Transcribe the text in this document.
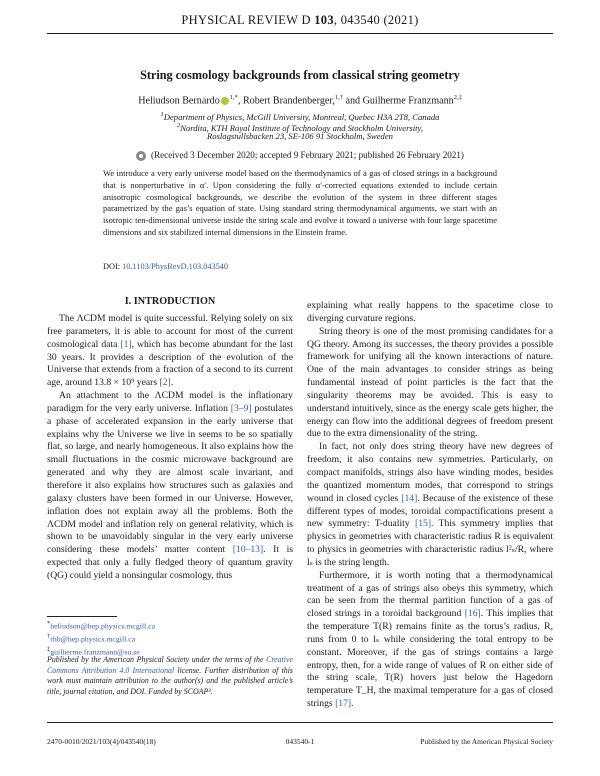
PHYSICAL REVIEW D 103, 043540 (2021)
String cosmology backgrounds from classical string geometry
Heliudson Bernardo $^{1,*}$, Robert Brandenberger,$^{1,\dagger}$ and Guilherme Franzmann$^{2,\ddagger}$
$^1$Department of Physics, McGill University, Montreal, Quebec H3A 2T8, Canada
$^2$Nordita, KTH Royal Institute of Technology and Stockholm University,
Roslagstullsbacken 23, SE-106 91 Stockholm, Sweden
(Received 3 December 2020; accepted 9 February 2021; published 26 February 2021)
We introduce a very early universe model based on the thermodynamics of a gas of closed strings in a background that is nonperturbative in α′. Upon considering the fully α′-corrected equations extended to include certain anisotropic cosmological backgrounds, we describe the evolution of the system in three different stages parametrized by the gas’s equation of state. Using standard string thermodynamical arguments, we start with an isotropic ten-dimensional universe inside the string scale and evolve it toward a universe with four large spacetime dimensions and six stabilized internal dimensions in the Einstein frame.
DOI: 10.1103/PhysRevD.103.043540
I. INTRODUCTION

The ΛCDM model is quite successful. Relying solely on six free parameters, it is able to account for most of the current cosmological data [1], which has become abundant for the last 30 years. It provides a description of the evolution of the Universe that extends from a fraction of a second to its current age, around 13.8 × 10⁹ years [2].

An attachment to the ΛCDM model is the inflationary paradigm for the very early universe. Inflation [3–9] postulates a phase of accelerated expansion in the early universe that explains why the Universe we live in seems to be so spatially flat, so large, and nearly homogeneous. It also explains how the small fluctuations in the cosmic microwave background are generated and why they are almost scale invariant, and therefore it also explains how structures such as galaxies and galaxy clusters have been formed in our Universe. However, inflation does not explain away all the problems. Both the ΛCDM model and inflation rely on general relativity, which is shown to be unavoidably singular in the very early universe considering these models’ matter content [10–13]. It is expected that only a fully fledged theory of quantum gravity (QG) could yield a nonsingular cosmology, thus

*heliudson@hep.physics.mcgill.ca
†rhb@hep.physics.mcgill.ca
‡guilherme.franzmann@su.se
Published by the American Physical Society under the terms of the Creative Commons Attribution 4.0 International license. Further distribution of this work must maintain attribution to the author(s) and the published article’s title, journal citation, and DOI. Funded by SCOAP³.

explaining what really happens to the spacetime close to diverging curvature regions.

String theory is one of the most promising candidates for a QG theory. Among its successes, the theory provides a possible framework for unifying all the known interactions of nature. One of the main advantages to consider strings as being fundamental instead of point particles is the fact that the singularity theorems may be avoided. This is easy to understand intuitively, since as the energy scale gets higher, the energy can flow into the additional degrees of freedom present due to the extra dimensionality of the string.

In fact, not only does string theory have new degrees of freedom, it also contains new symmetries. Particularly, on compact manifolds, strings also have winding modes, besides the quantized momentum modes, that correspond to strings wound in closed cycles [14]. Because of the existence of these different types of modes, toroidal compactifications present a new symmetry: T-duality [15]. This symmetry implies that physics in geometries with characteristic radius R is equivalent to physics in geometries with characteristic radius l²ₛ/R, where lₛ is the string length.

Furthermore, it is worth noting that a thermodynamical treatment of a gas of strings also obeys this symmetry, which can be seen from the thermal partition function of a gas of closed strings in a toroidal background [16]. This implies that the temperature T(R) remains finite as the torus’s radius, R, runs from 0 to lₛ while considering the total entropy to be constant. Moreover, if the gas of strings contains a large entropy, then, for a wide range of values of R on either side of the string scale, T(R) hovers just below the Hagedorn temperature T_H, the maximal temperature for a gas of closed strings [17].

2470-0010/2021/103(4)/043540(18)	043540-1	Published by the American Physical Society
